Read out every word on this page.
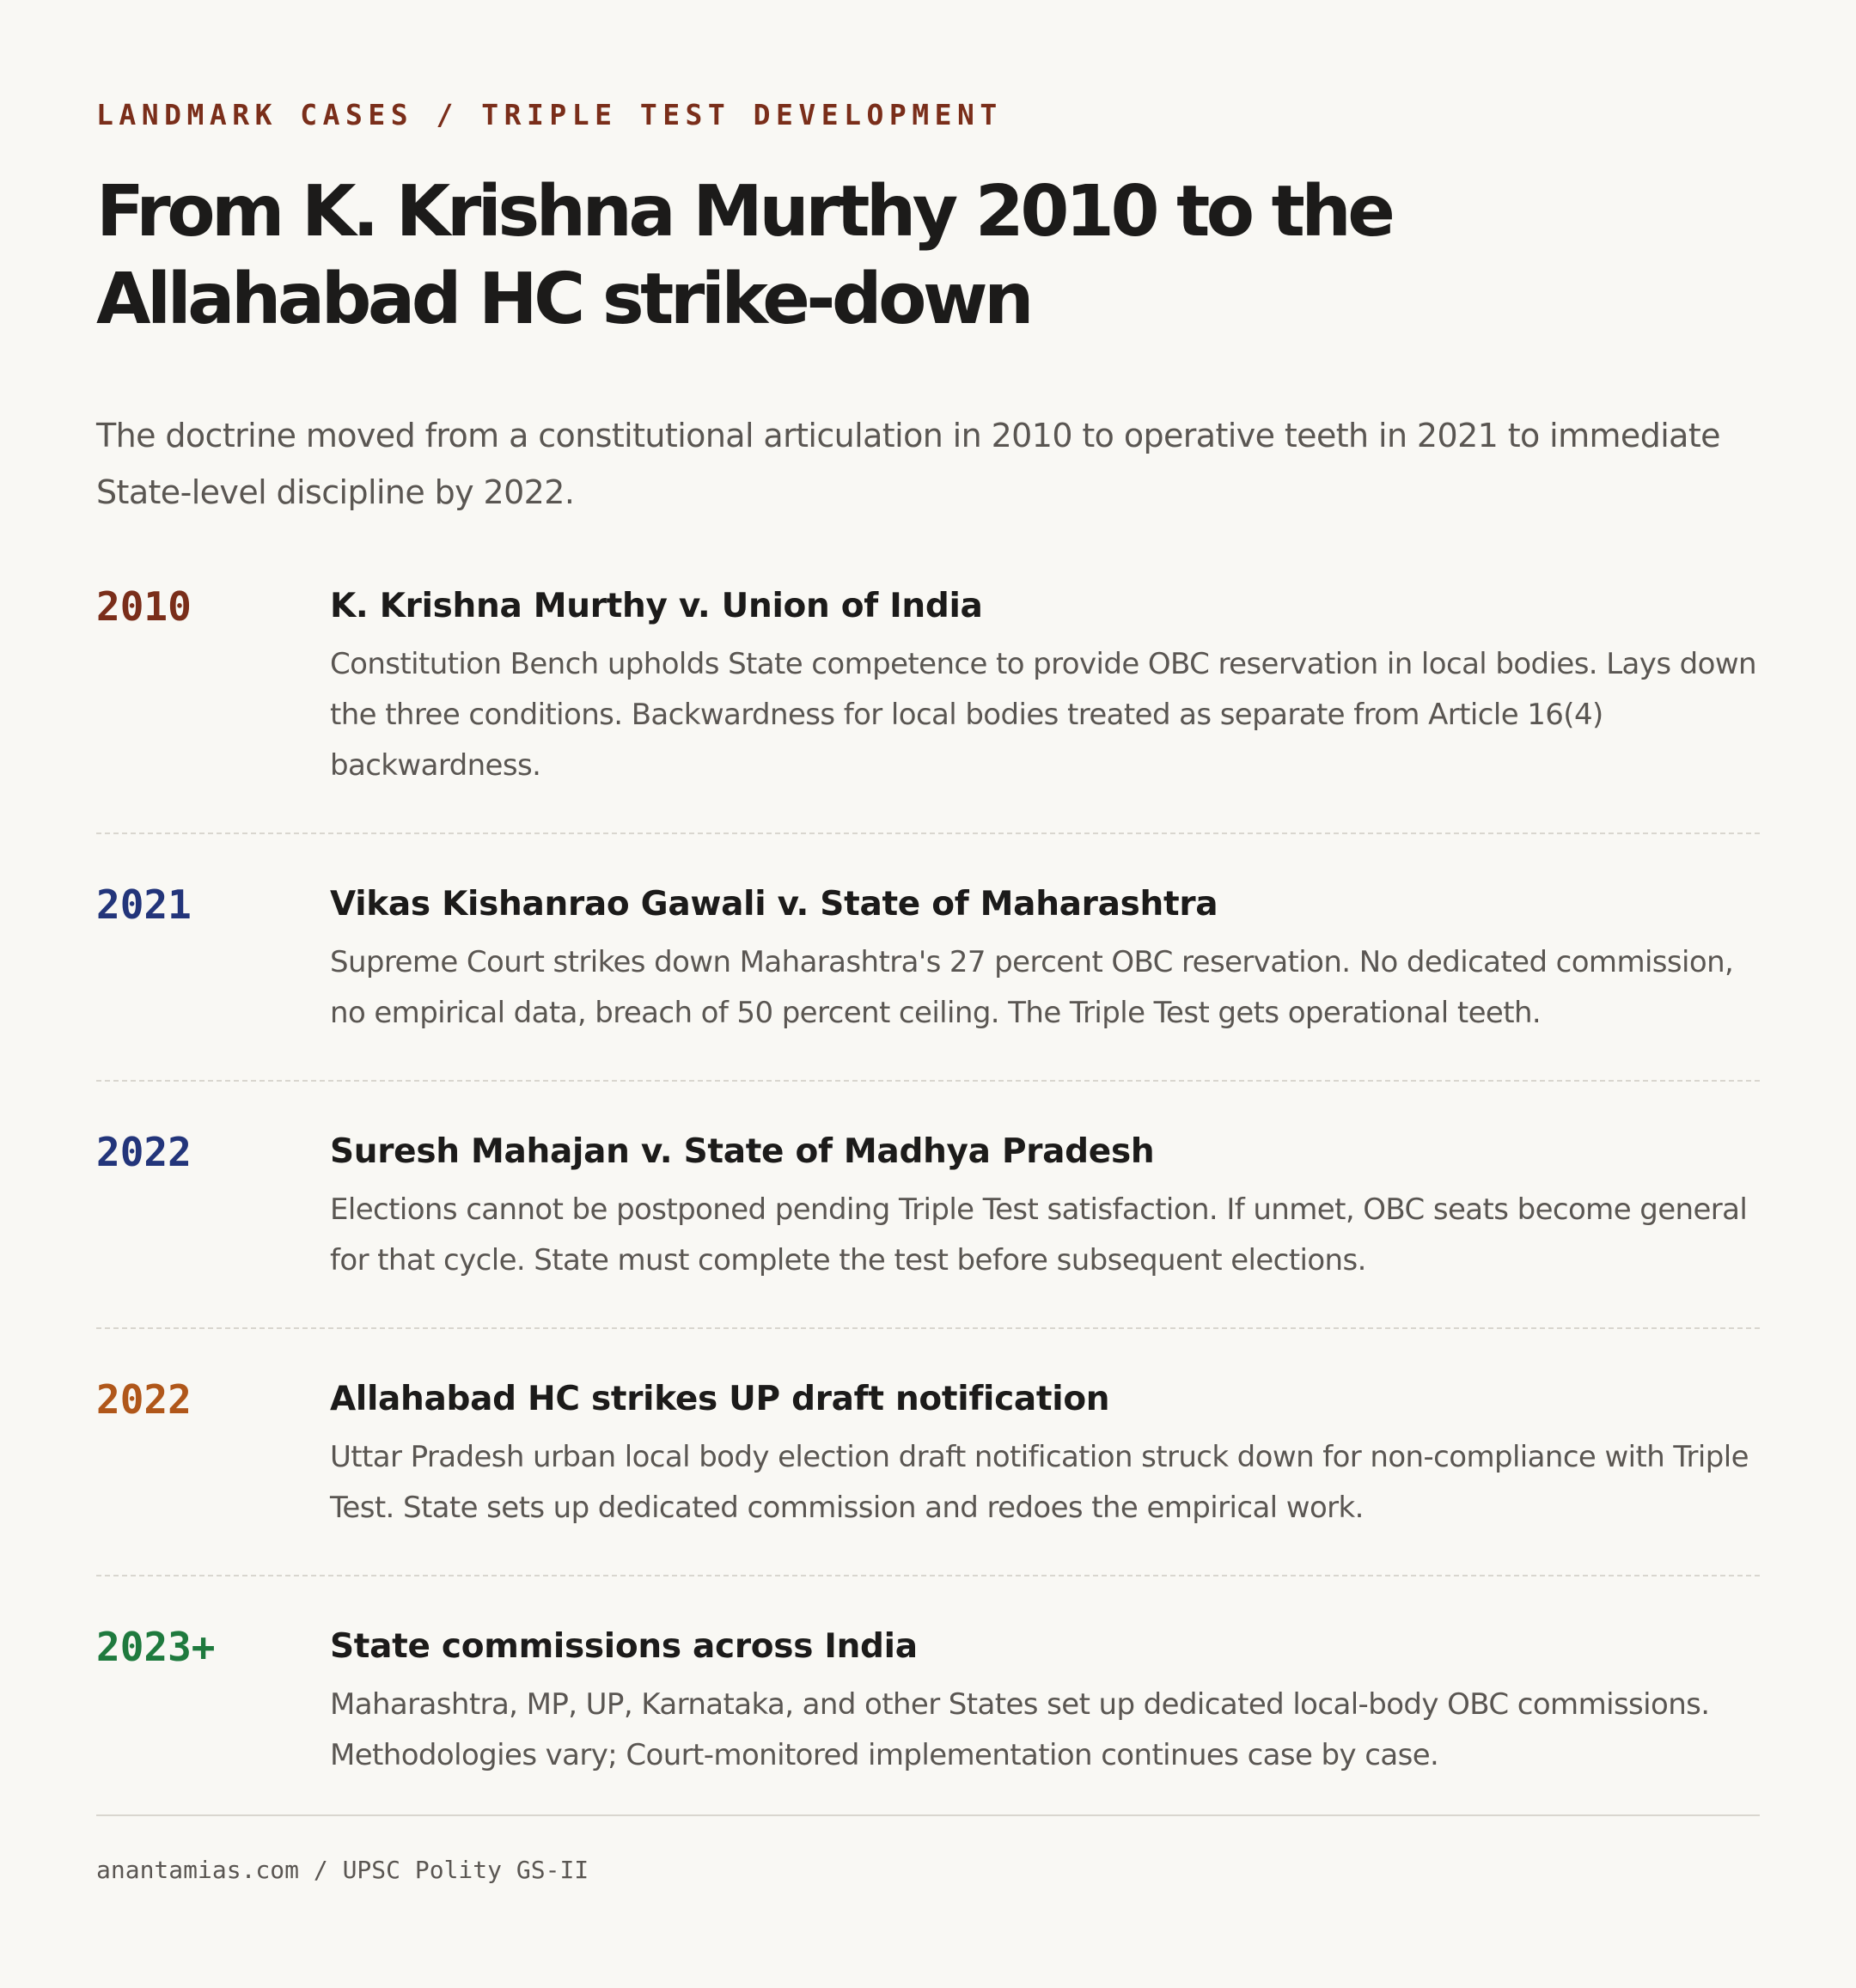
LANDMARK CASES / TRIPLE TEST DEVELOPMENT
From K. Krishna Murthy 2010 to the Allahabad HC strike-down

The doctrine moved from a constitutional articulation in 2010 to operative teeth in 2021 to immediate State-level discipline by 2022.

2010	K. Krishna Murthy v. Union of India

Constitution Bench upholds State competence to provide OBC reservation in local bodies. Lays down the three conditions. Backwardness for local bodies treated as separate from Article 16(4) backwardness.

2021	Vikas Kishanrao Gawali v. State of Maharashtra

Supreme Court strikes down Maharashtra's 27 percent OBC reservation. No dedicated commission, no empirical data, breach of 50 percent ceiling. The Triple Test gets operational teeth.

2022	Suresh Mahajan v. State of Madhya Pradesh

Elections cannot be postponed pending Triple Test satisfaction. If unmet, OBC seats become general for that cycle. State must complete the test before subsequent elections.

2022	Allahabad HC strikes UP draft notification

Uttar Pradesh urban local body election draft notification struck down for non-compliance with Triple Test. State sets up dedicated commission and redoes the empirical work.

2023+	State commissions across India

Maharashtra, MP, UP, Karnataka, and other States set up dedicated local-body OBC commissions. Methodologies vary; Court-monitored implementation continues case by case.

anantamias.com / UPSC Polity GS-II
